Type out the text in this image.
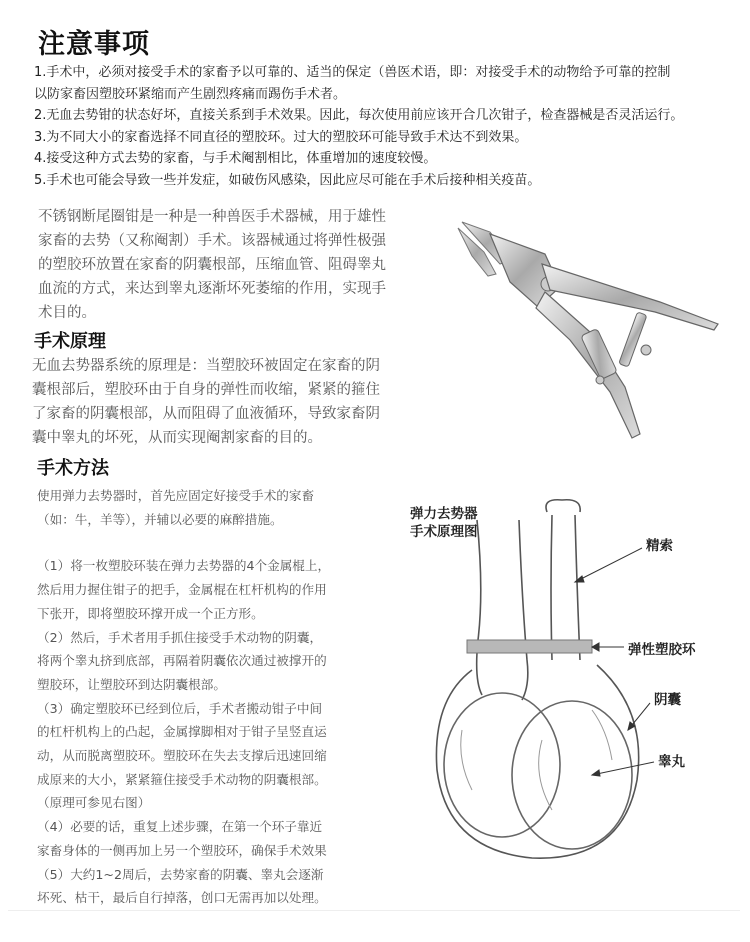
注意事项
1.手术中，必须对接受手术的家畜予以可靠的、适当的保定（兽医术语，即：对接受手术的动物给予可靠的控制
以防家畜因塑胶环紧缩而产生剧烈疼痛而踢伤手术者。
2.无血去势钳的状态好坏，直接关系到手术效果。因此，每次使用前应该开合几次钳子，检查器械是否灵活运行。
3.为不同大小的家畜选择不同直径的塑胶环。过大的塑胶环可能导致手术达不到效果。
4.接受这种方式去势的家畜，与手术阉割相比，体重增加的速度较慢。
5.手术也可能会导致一些并发症，如破伤风感染，因此应尽可能在手术后接种相关疫苗。
不锈钢断尾圈钳是一种是一种兽医手术器械，用于雄性
家畜的去势（又称阉割）手术。该器械通过将弹性极强
的塑胶环放置在家畜的阴囊根部，压缩血管、阻碍睾丸
血流的方式，来达到睾丸逐渐坏死萎缩的作用，实现手
术目的。
手术原理
无血去势器系统的原理是：当塑胶环被固定在家畜的阴
囊根部后，塑胶环由于自身的弹性而收缩，紧紧的箍住
了家畜的阴囊根部，从而阻碍了血液循环，导致家畜阴
囊中睾丸的坏死，从而实现阉割家畜的目的。
手术方法
使用弹力去势器时，首先应固定好接受手术的家畜
（如：牛，羊等），并辅以必要的麻醉措施。
（1）将一枚塑胶环装在弹力去势器的4个金属棍上，
然后用力握住钳子的把手，金属棍在杠杆机构的作用
下张开，即将塑胶环撑开成一个正方形。
（2）然后，手术者用手抓住接受手术动物的阴囊，
将两个睾丸挤到底部，再隔着阴囊依次通过被撑开的
塑胶环，让塑胶环到达阴囊根部。
（3）确定塑胶环已经到位后，手术者搬动钳子中间
的杠杆机构上的凸起，金属撑脚相对于钳子呈竖直运
动，从而脱离塑胶环。塑胶环在失去支撑后迅速回缩
成原来的大小，紧紧箍住接受手术动物的阴囊根部。
（原理可参见右图）
（4）必要的话，重复上述步骤，在第一个环子靠近
家畜身体的一侧再加上另一个塑胶环，确保手术效果
（5）大约1~2周后，去势家畜的阴囊、睾丸会逐渐
坏死、枯干，最后自行掉落，创口无需再加以处理。
弹力去势器
手术原理图
精索
弹性塑胶环
阴囊
睾丸
